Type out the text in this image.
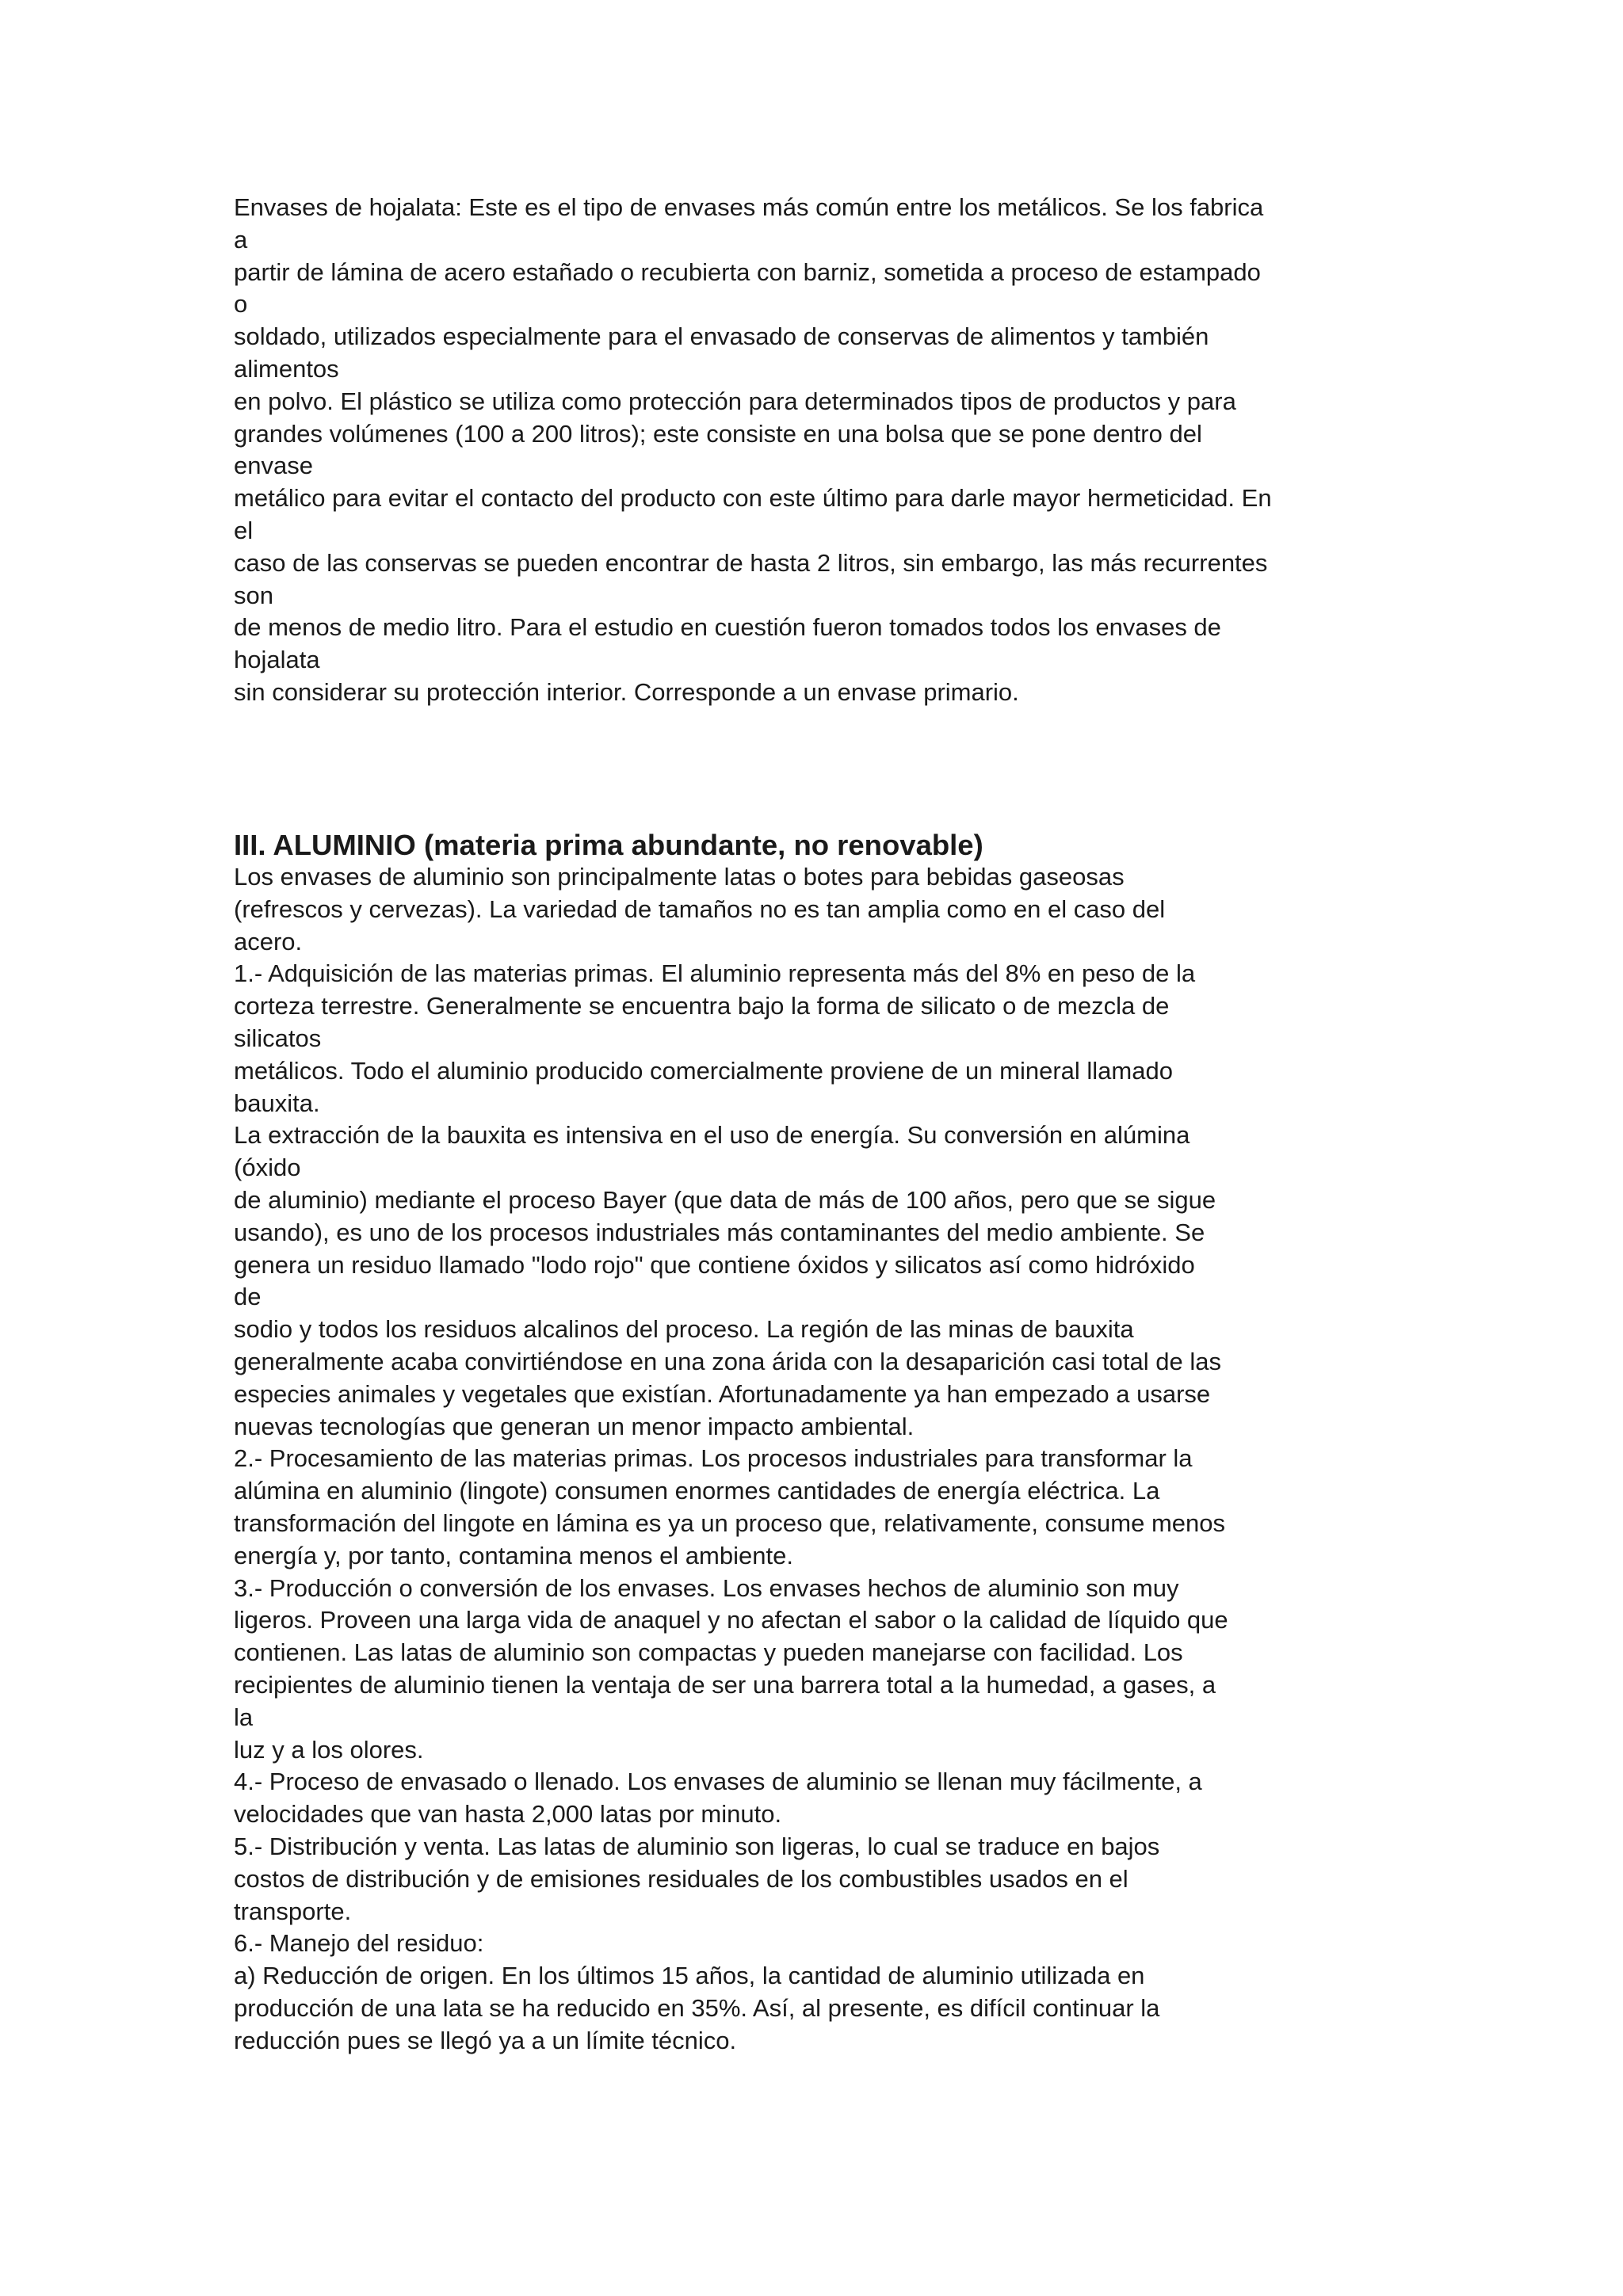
Envases de hojalata: Este es el tipo de envases más común entre los metálicos. Se los fabrica
a
partir de lámina de acero estañado o recubierta con barniz, sometida a proceso de estampado
o
soldado, utilizados especialmente para el envasado de conservas de alimentos y también
alimentos
en polvo. El plástico se utiliza como protección para determinados tipos de productos y para
grandes volúmenes (100 a 200 litros); este consiste en una bolsa que se pone dentro del
envase
metálico para evitar el contacto del producto con este último para darle mayor hermeticidad. En
el
caso de las conservas se pueden encontrar de hasta 2 litros, sin embargo, las más recurrentes
son
de menos de medio litro. Para el estudio en cuestión fueron tomados todos los envases de
hojalata
sin considerar su protección interior. Corresponde a un envase primario.
III. ALUMINIO (materia prima abundante, no renovable)
Los envases de aluminio son principalmente latas o botes para bebidas gaseosas
(refrescos y cervezas). La variedad de tamaños no es tan amplia como en el caso del
acero.
1.- Adquisición de las materias primas. El aluminio representa más del 8% en peso de la
corteza terrestre. Generalmente se encuentra bajo la forma de silicato o de mezcla de
silicatos
metálicos. Todo el aluminio producido comercialmente proviene de un mineral llamado
bauxita.
La extracción de la bauxita es intensiva en el uso de energía. Su conversión en alúmina
(óxido
de aluminio) mediante el proceso Bayer (que data de más de 100 años, pero que se sigue
usando), es uno de los procesos industriales más contaminantes del medio ambiente. Se
genera un residuo llamado "lodo rojo" que contiene óxidos y silicatos así como hidróxido
de
sodio y todos los residuos alcalinos del proceso. La región de las minas de bauxita
generalmente acaba convirtiéndose en una zona árida con la desaparición casi total de las
especies animales y vegetales que existían. Afortunadamente ya han empezado a usarse
nuevas tecnologías que generan un menor impacto ambiental.
2.- Procesamiento de las materias primas. Los procesos industriales para transformar la
alúmina en aluminio (lingote) consumen enormes cantidades de energía eléctrica. La
transformación del lingote en lámina es ya un proceso que, relativamente, consume menos
energía y, por tanto, contamina menos el ambiente.
3.- Producción o conversión de los envases. Los envases hechos de aluminio son muy
ligeros. Proveen una larga vida de anaquel y no afectan el sabor o la calidad de líquido que
contienen. Las latas de aluminio son compactas y pueden manejarse con facilidad. Los
recipientes de aluminio tienen la ventaja de ser una barrera total a la humedad, a gases, a
la
luz y a los olores.
4.- Proceso de envasado o llenado. Los envases de aluminio se llenan muy fácilmente, a
velocidades que van hasta 2,000 latas por minuto.
5.- Distribución y venta. Las latas de aluminio son ligeras, lo cual se traduce en bajos
costos de distribución y de emisiones residuales de los combustibles usados en el
transporte.
6.- Manejo del residuo:
a) Reducción de origen. En los últimos 15 años, la cantidad de aluminio utilizada en
producción de una lata se ha reducido en 35%. Así, al presente, es difícil continuar la
reducción pues se llegó ya a un límite técnico.
